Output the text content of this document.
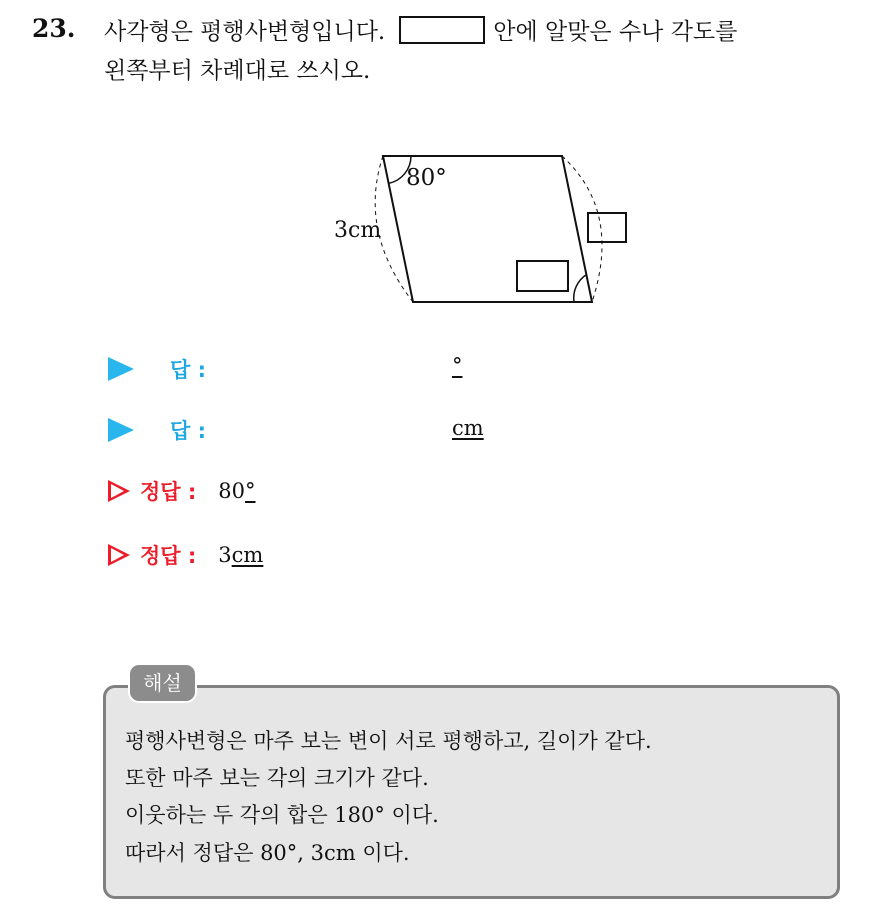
23. 사각형은 평행사변형입니다.	안에 알맞은 수나 각도를
왼쪽부터 차례대로 쓰시오.
80°
3cm
답 :	°
답 :	cm
정답 : 80°
정답 : 3cm
해설
평행사변형은 마주 보는 변이 서로 평행하고, 길이가 같다.
또한 마주 보는 각의 크기가 같다.
이웃하는 두 각의 합은 180° 이다.
따라서 정답은 80°, 3cm 이다.
